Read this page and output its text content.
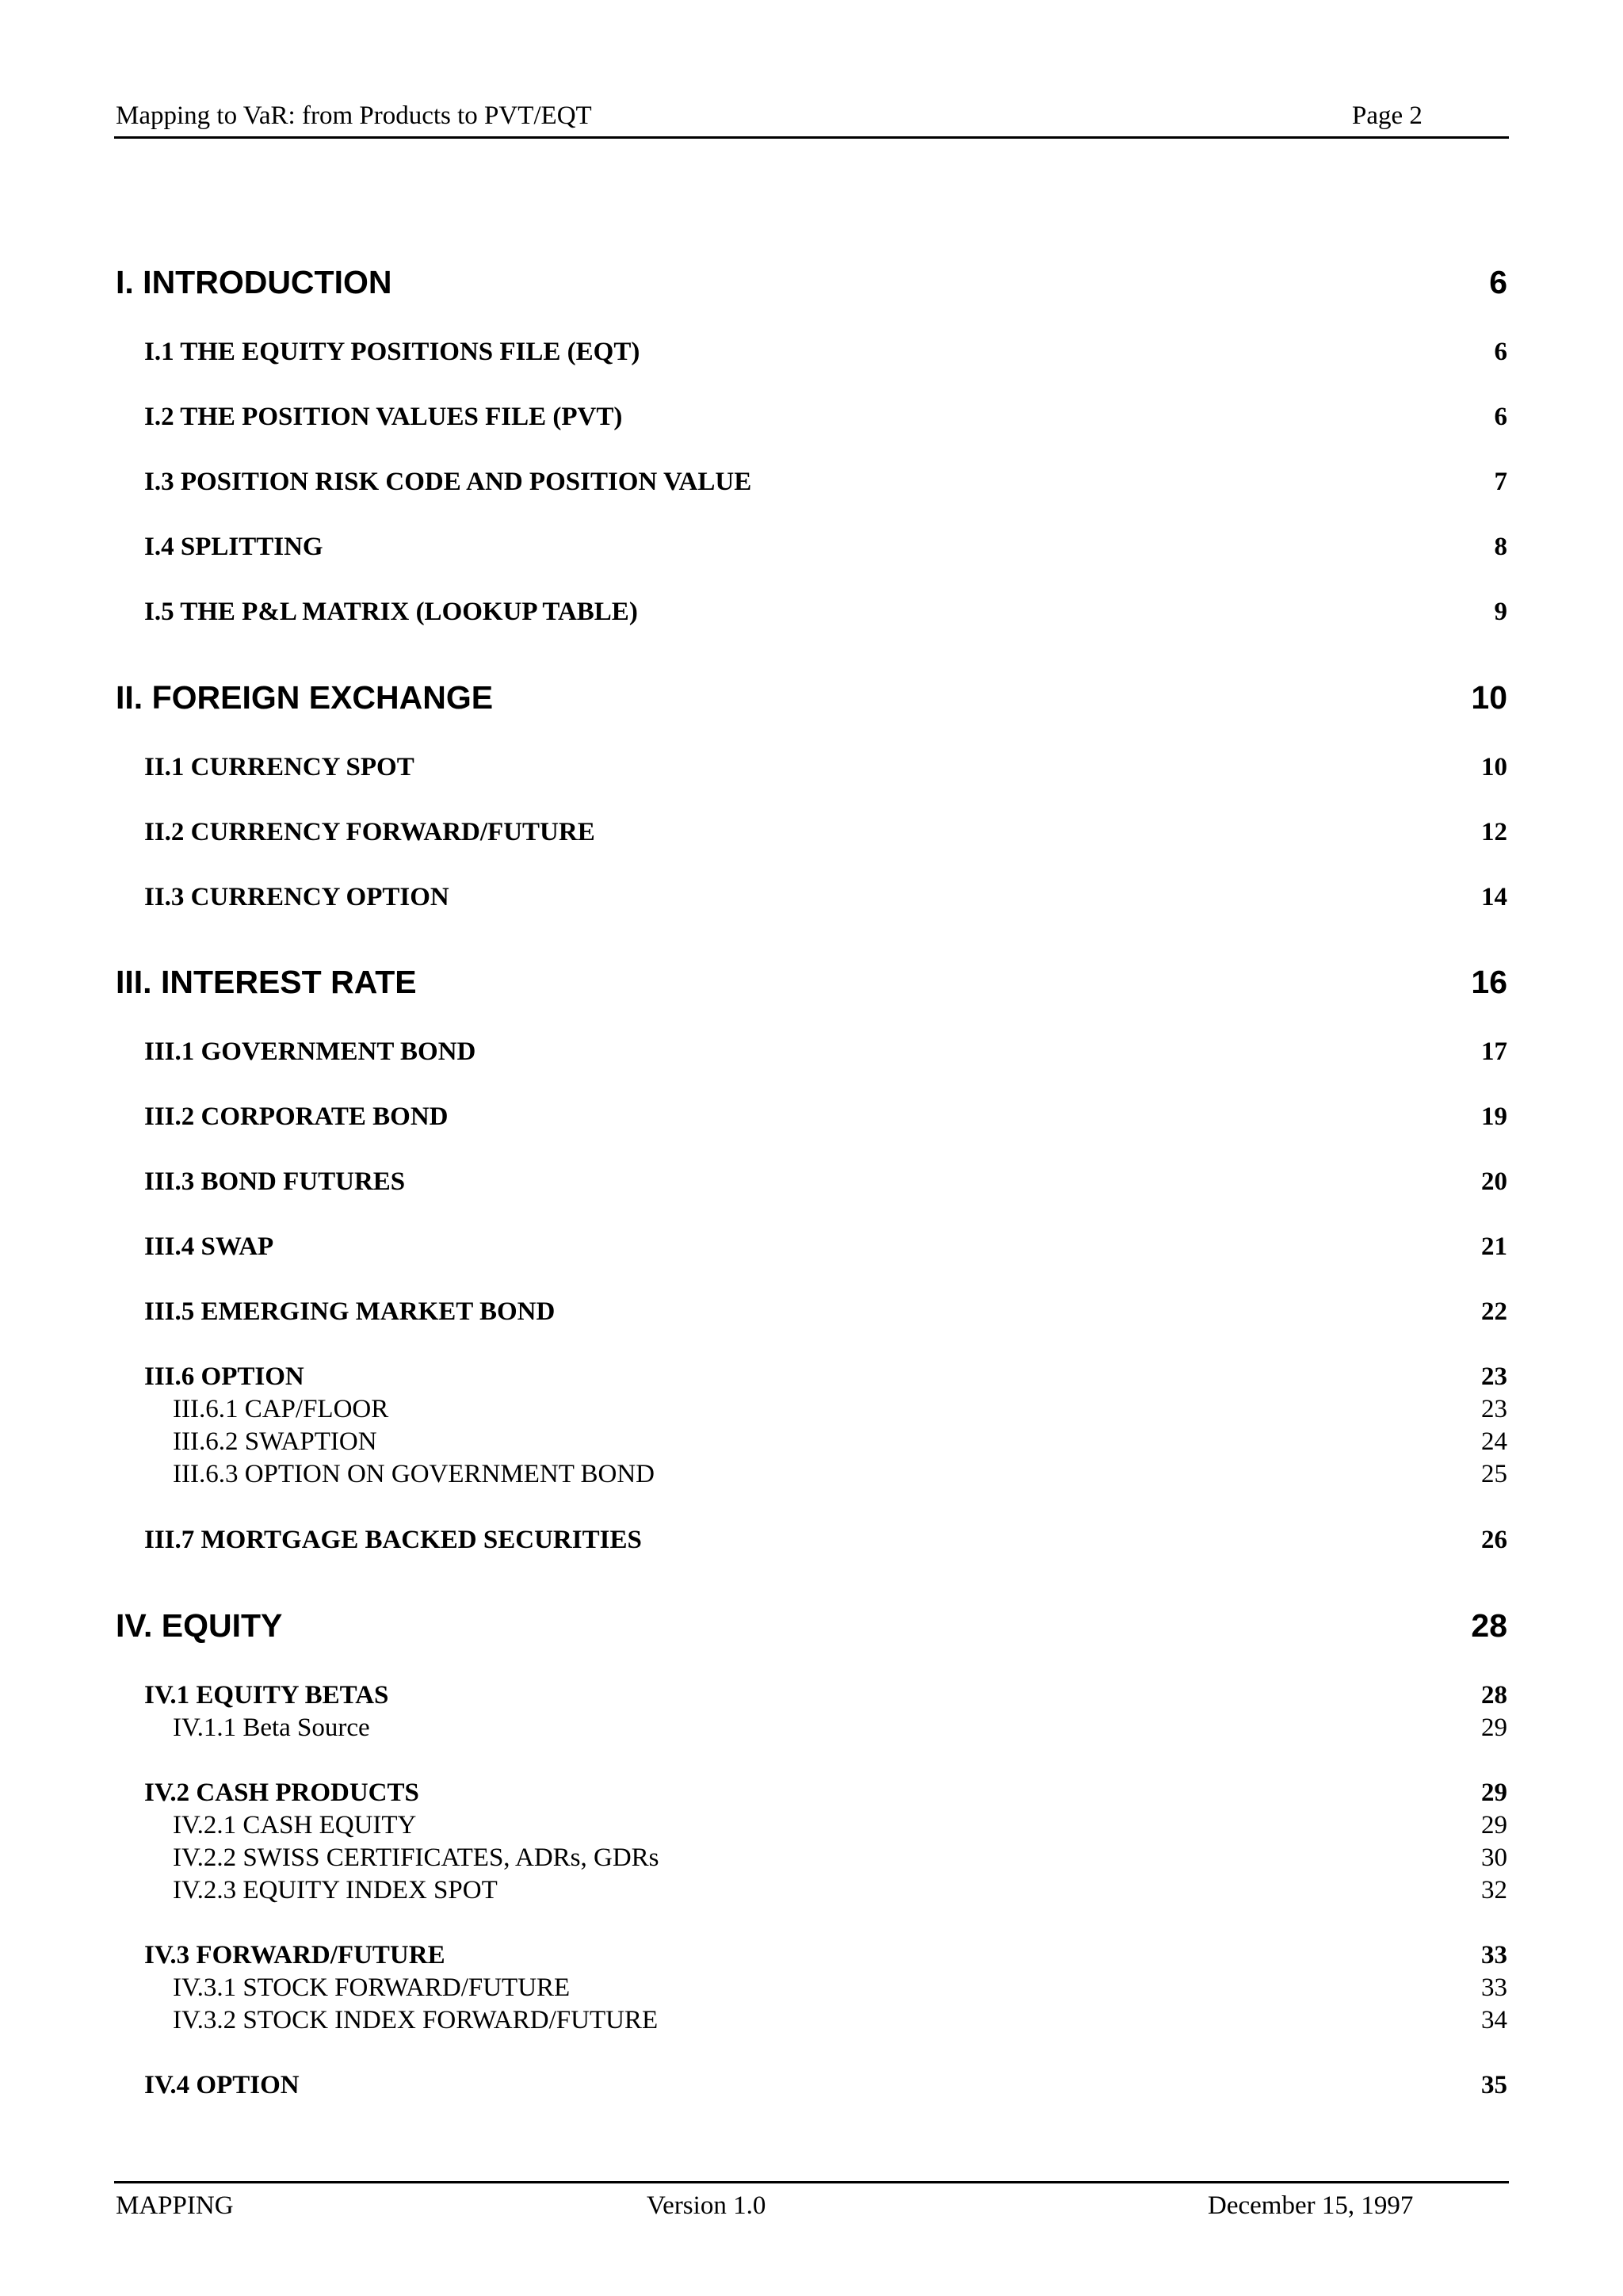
Mapping to VaR: from Products to PVT/EQT	Page 2
I. INTRODUCTION	6
I.1 THE EQUITY POSITIONS FILE (EQT)	6
I.2 THE POSITION VALUES FILE (PVT)	6
I.3 POSITION RISK CODE AND POSITION VALUE	7
I.4 SPLITTING	8
I.5 THE P&L MATRIX (LOOKUP TABLE)	9
II. FOREIGN EXCHANGE	10
II.1 CURRENCY SPOT	10
II.2 CURRENCY FORWARD/FUTURE	12
II.3 CURRENCY OPTION	14
III. INTEREST RATE	16
III.1 GOVERNMENT BOND	17
III.2 CORPORATE BOND	19
III.3 BOND FUTURES	20
III.4 SWAP	21
III.5 EMERGING MARKET BOND	22
III.6 OPTION	23
III.6.1 CAP/FLOOR	23
III.6.2 SWAPTION	24
III.6.3 OPTION ON GOVERNMENT BOND	25
III.7 MORTGAGE BACKED SECURITIES	26
IV. EQUITY	28
IV.1 EQUITY BETAS	28
IV.1.1 Beta Source	29
IV.2 CASH PRODUCTS	29
IV.2.1 CASH EQUITY	29
IV.2.2 SWISS CERTIFICATES, ADRs, GDRs	30
IV.2.3 EQUITY INDEX SPOT	32
IV.3 FORWARD/FUTURE	33
IV.3.1 STOCK FORWARD/FUTURE	33
IV.3.2 STOCK INDEX FORWARD/FUTURE	34
IV.4 OPTION	35
MAPPING	Version 1.0	December 15, 1997
